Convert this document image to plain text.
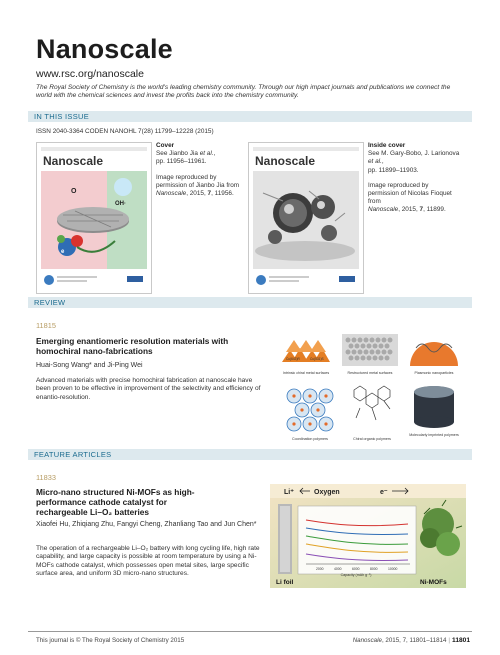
Nanoscale
www.rsc.org/nanoscale
The Royal Society of Chemistry is the world’s leading chemistry community. Through our high impact journals and publications we connect the world with the chemical sciences and invest the profits back into the chemistry community.
IN THIS ISSUE
ISSN 2040-3364 CODEN NANOHL 7(28) 11799–12228 (2015)
Nanoscale
O
OH·
e

Cover

See Jianbo Jia et al.,

pp. 11956–11961.

Image reproduced by permission of Jianbo Jia from

Nanoscale, 2015, 7, 11956.

Nanoscale

Inside cover

See M. Gary-Bobo, J. Larionova et al.,

pp. 11899–11903.

Image reproduced by permission of Nicolas Fioquet from

Nanoscale, 2015, 7, 11899.

REVIEW
11815
Emerging enantiomeric resolution materials with homochiral nano-fabrications
Huai-Song Wang* and Ji-Ping Wei
Advanced materials with precise homochiral fabrication at nanoscale have been proven to be effective in improvement of the selectivity and efficiency of enantio-resolution.
Cu(643)R	Cu(531)S
Intrinsic chiral metal surfaces	Restructured metal surfaces	Plasmonic nanoparticles
Coordination polymers	Chiral organic polymers
Molecularly imprinted polymers
FEATURE ARTICLES
11833
Micro-nano structured Ni-MOFs as high-performance cathode catalyst for rechargeable Li–O₂ batteries
Xiaofei Hu, Zhiqiang Zhu, Fangyi Cheng, Zhanliang Tao and Jun Chen*
The operation of a rechargeable Li–O₂ battery with long cycling life, high rate capability, and large capacity is possible at room temperature by using a Ni-MOFs cathode catalyst, which possesses open metal sites, large specific surface area, and uniform 3D micro-nano structures.
Li⁺	Oxygen	e⁻
2000	4000	6000	8000	10000
Capacity (mAh g⁻¹)
Li foil	Ni-MOFs
This journal is © The Royal Society of Chemistry 2015	Nanoscale, 2015, 7, 11801–11814 | 11801
